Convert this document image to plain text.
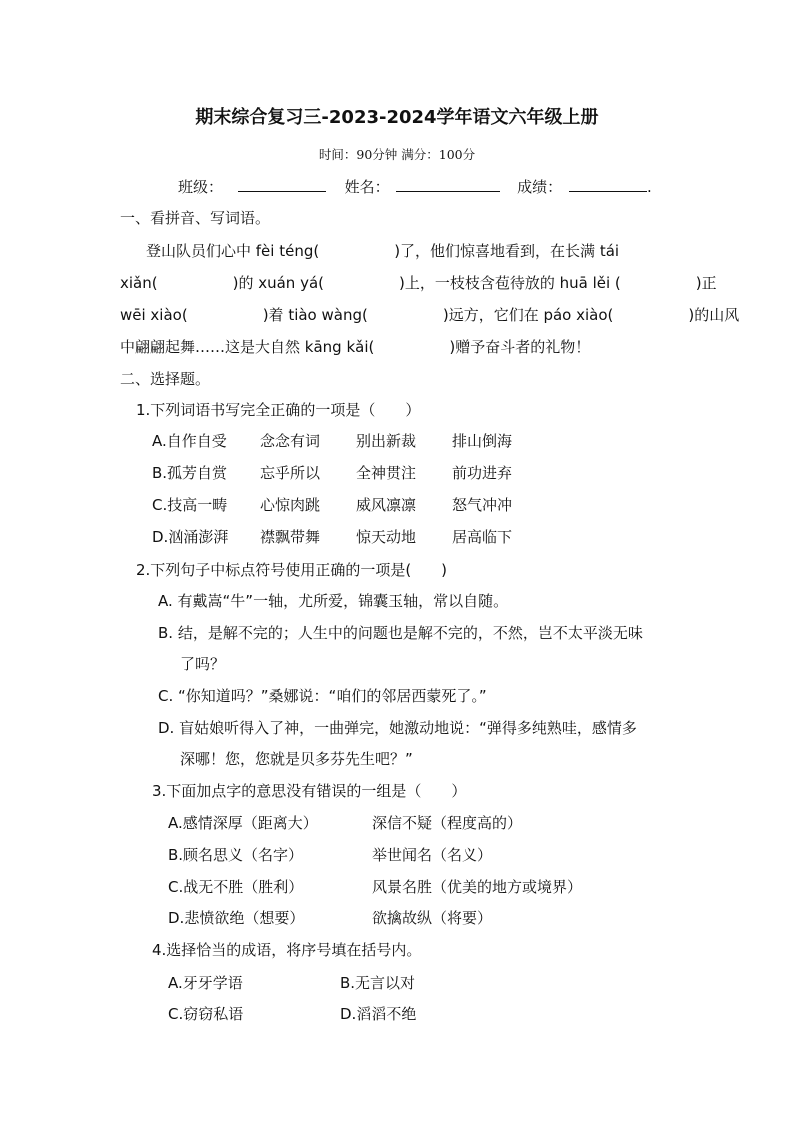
期末综合复习三-2023-2024学年语文六年级上册
时间：90分钟 满分：100分
班级：	姓名：	成绩：	.
一、看拼音、写词语。
登山队员们心中 fèi téng(　　　　　)了，他们惊喜地看到，在长满 tái
xiǎn(　　　　　)的 xuán yá(　　　　　)上，一枝枝含苞待放的 huā lěi (　　　　　)正
wēi xiào(　　　　　)着 tiào wàng(　　　　　)远方，它们在 páo xiào(　　　　　)的山风
中翩翩起舞……这是大自然 kāng kǎi(　　　　　)赠予奋斗者的礼物！
二、选择题。
1.下列词语书写完全正确的一项是（　　）
A.自作自受 念念有词 别出新裁 排山倒海
B.孤芳自赏 忘乎所以 全神贯注 前功进弃
C.技高一畴 心惊肉跳 威风凛凛 怒气冲冲
D.汹涌澎湃 襟飘带舞 惊天动地 居高临下
2.下列句子中标点符号使用正确的一项是(　　)
A. 有戴嵩“牛”一轴，尤所爱，锦囊玉轴，常以自随。
B. 结，是解不完的；人生中的问题也是解不完的，不然，岂不太平淡无味
了吗？
C. “你知道吗？”桑娜说：“咱们的邻居西蒙死了。”
D. 盲姑娘听得入了神，一曲弹完，她激动地说：“弹得多纯熟哇，感情多
深哪！您，您就是贝多芬先生吧？”
3.下面加点字的意思没有错误的一组是（　　）
A.感情深厚（距离大）	深信不疑（程度高的）
B.顾名思义（名字）	举世闻名（名义）
C.战无不胜（胜利）	风景名胜（优美的地方或境界）
D.悲愤欲绝（想要）	欲擒故纵（将要）
4.选择恰当的成语，将序号填在括号内。
A.牙牙学语	B.无言以对
C.窃窃私语	D.滔滔不绝
